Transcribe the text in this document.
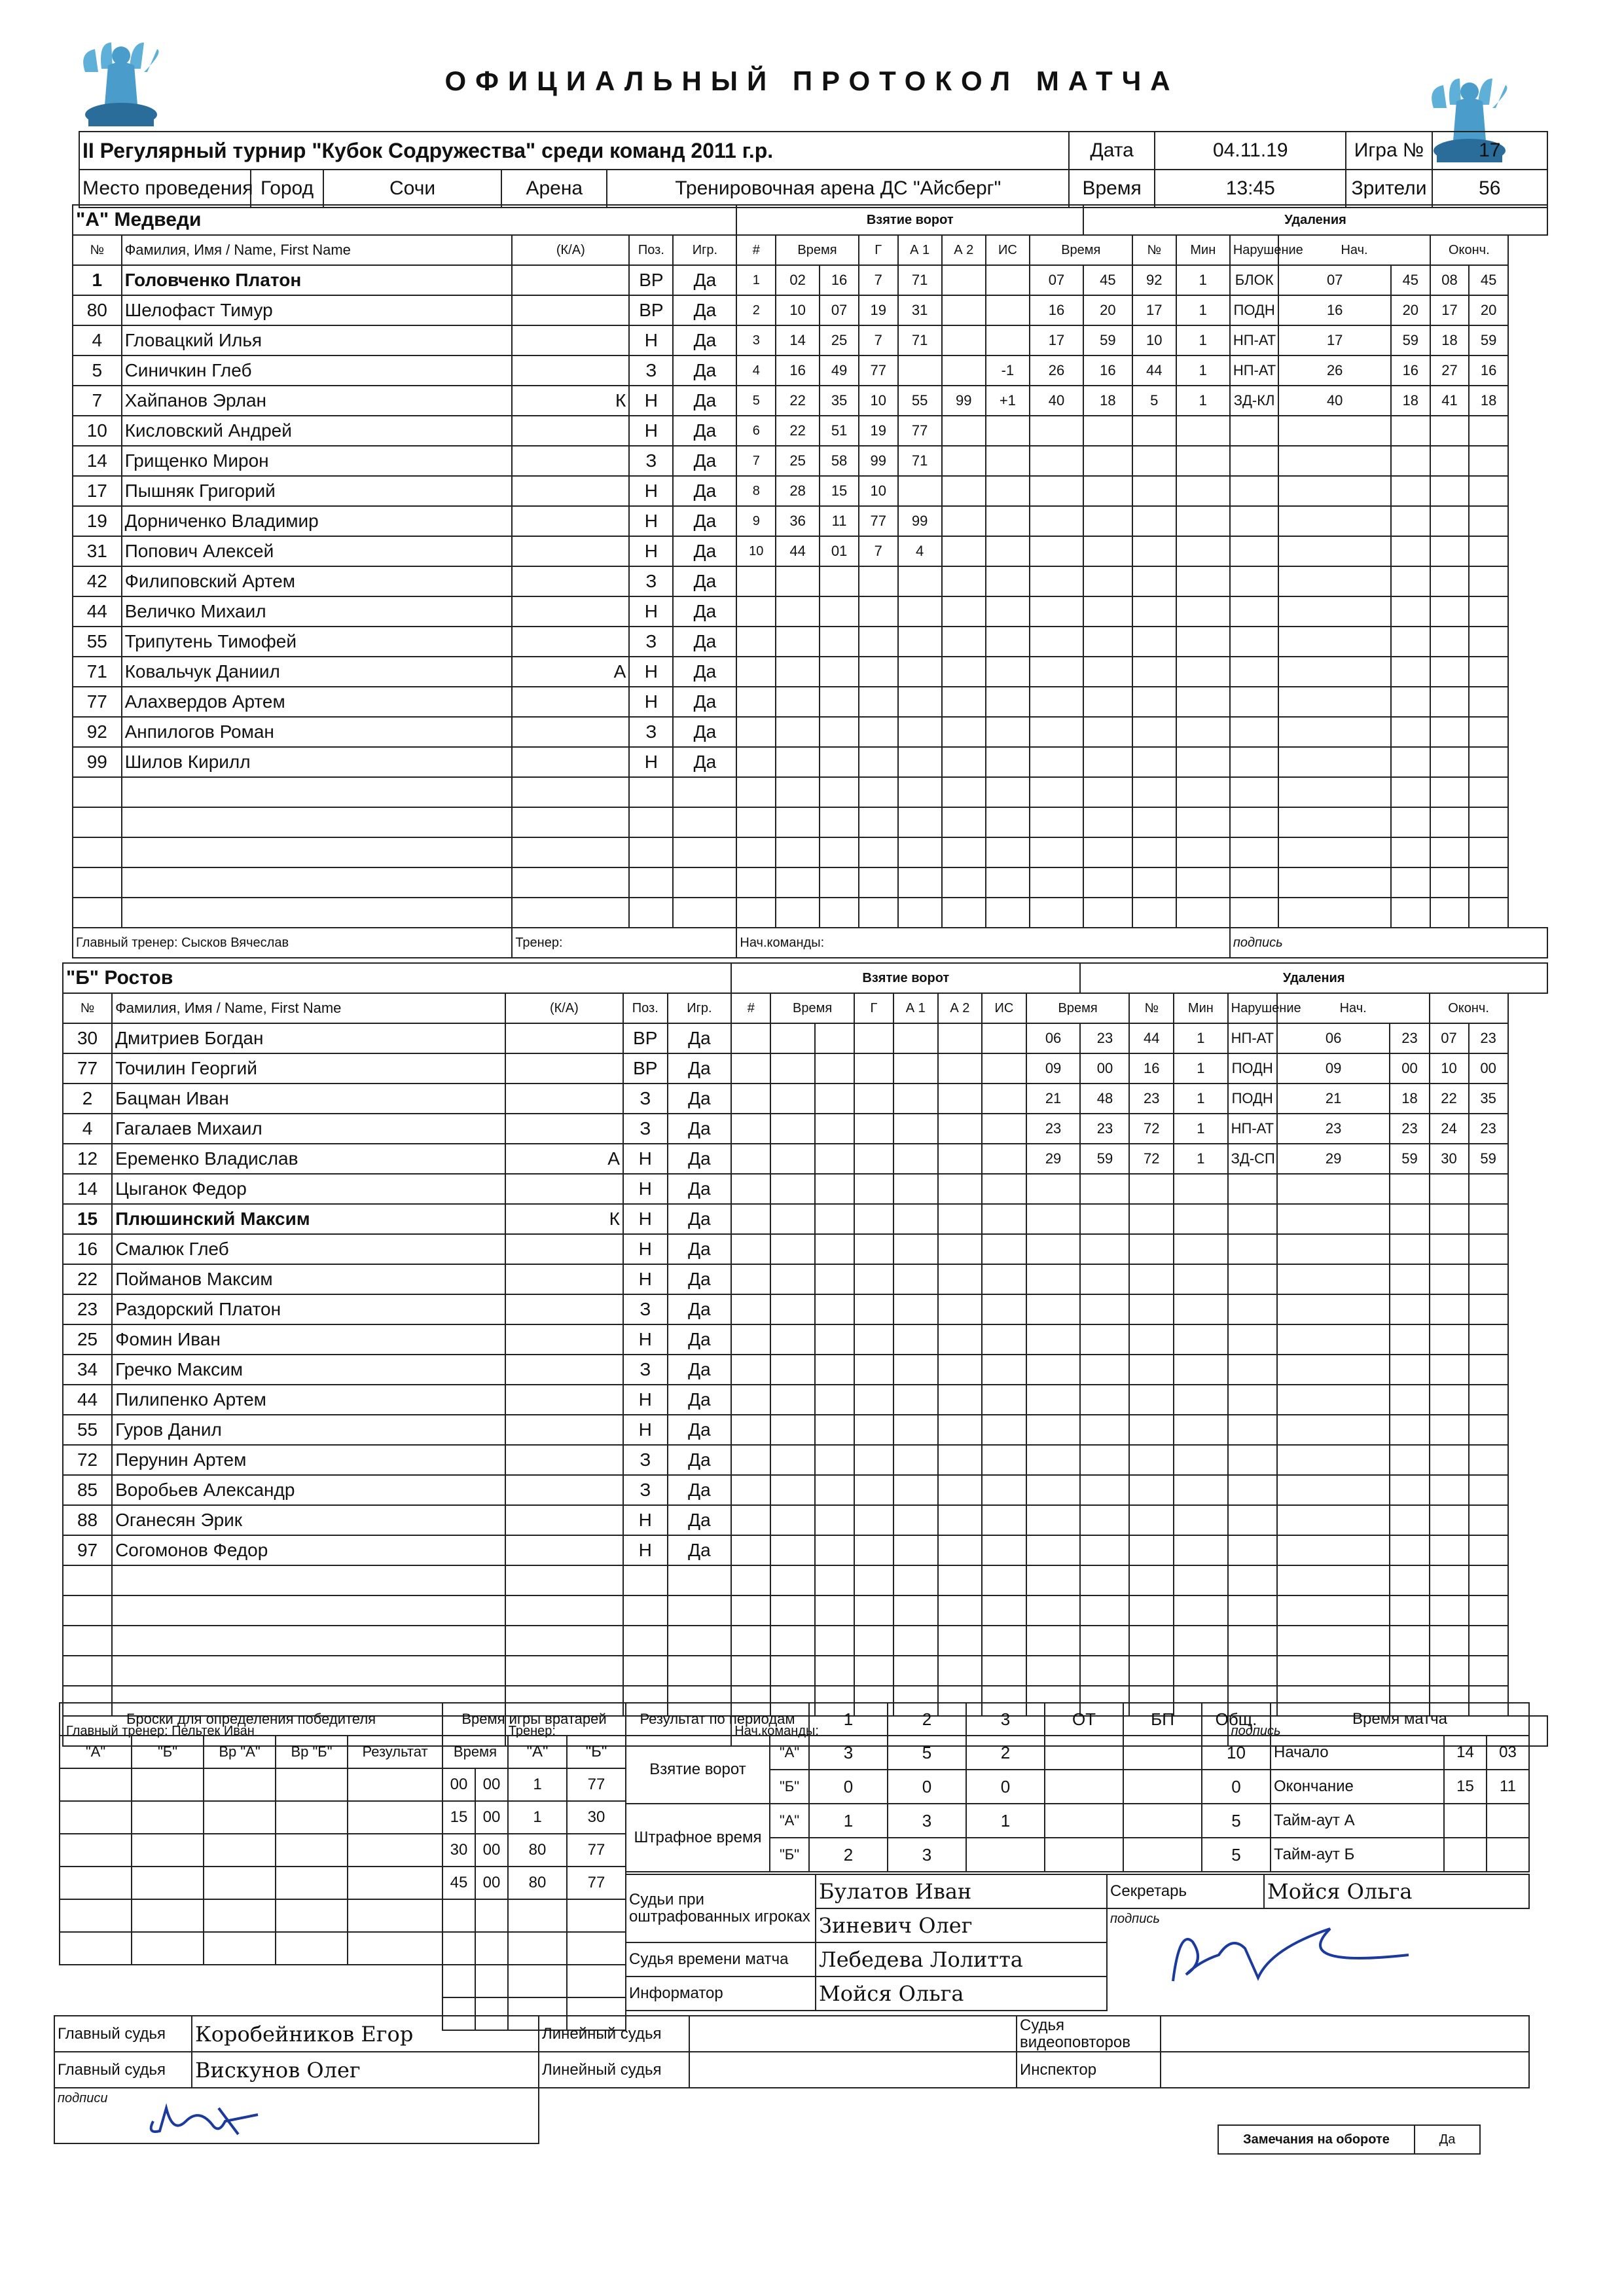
ОФИЦИАЛЬНЫЙ ПРОТОКОЛ МАТЧА
II Регулярный турнир "Кубок Содружества" среди команд 2011 г.р.					Дата	04.11.19	Игра №	17
Место проведения	Город	Сочи	Арена	Тренировочная арена ДС "Айсберг"	Время	13:45	Зрители	56
"А" Медведи					Взятие ворот								Удаления							
№	Фамилия, Имя / Name, First Name	(К/А)	Поз.	Игр.	#	Время		Г	А 1	А 2	ИС	Время		№	Мин	Нарушение	Нач.		Оконч.	
1	Головченко Платон		ВР	Да	1	02	16	7	71			07	45	92	1	БЛОК	07	45	08	45
80	Шелофаст Тимур		ВР	Да	2	10	07	19	31			16	20	17	1	ПОДН	16	20	17	20
4	Гловацкий Илья		Н	Да	3	14	25	7	71			17	59	10	1	НП-АТ	17	59	18	59
5	Синичкин Глеб		З	Да	4	16	49	77			-1	26	16	44	1	НП-АТ	26	16	27	16
7	Хайпанов Эрлан	К	Н	Да	5	22	35	10	55	99	+1	40	18	5	1	ЗД-КЛ	40	18	41	18
10	Кисловский Андрей		Н	Да	6	22	51	19	77											
14	Грищенко Мирон		З	Да	7	25	58	99	71											
17	Пышняк Григорий		Н	Да	8	28	15	10												
19	Дорниченко Владимир		Н	Да	9	36	11	77	99											
31	Попович Алексей		Н	Да	10	44	01	7	4											
42	Филиповский Артем		З	Да																
44	Величко Михаил		Н	Да																
55	Трипутень Тимофей		З	Да																
71	Ковальчук Даниил	А	Н	Да																
77	Алахвердов Артем		Н	Да																
92	Анпилогов Роман		З	Да																
99	Шилов Кирилл		Н	Да																

Главный тренер: Сысков Вячеслав		Тренер:			Нач.команды:											подпись				
"Б" Ростов					Взятие ворот								Удаления							
№	Фамилия, Имя / Name, First Name	(К/А)	Поз.	Игр.	#	Время		Г	А 1	А 2	ИС	Время		№	Мин	Нарушение	Нач.		Оконч.	
30	Дмитриев Богдан		ВР	Да								06	23	44	1	НП-АТ	06	23	07	23
77	Точилин Георгий		ВР	Да								09	00	16	1	ПОДН	09	00	10	00
2	Бацман Иван		З	Да								21	48	23	1	ПОДН	21	18	22	35
4	Гагалаев Михаил		З	Да								23	23	72	1	НП-АТ	23	23	24	23
12	Еременко Владислав	А	Н	Да								29	59	72	1	ЗД-СП	29	59	30	59
14	Цыганок Федор		Н	Да																
15	Плюшинский Максим	К	Н	Да																
16	Смалюк Глеб		Н	Да																
22	Пойманов Максим		Н	Да																
23	Раздорский Платон		З	Да																
25	Фомин Иван		Н	Да																
34	Гречко Максим		З	Да																
44	Пилипенко Артем		Н	Да																
55	Гуров Данил		Н	Да																
72	Перунин Артем		З	Да																
85	Воробьев Александр		З	Да																
88	Оганесян Эрик		Н	Да																
97	Согомонов Федор		Н	Да																

Главный тренер: Пельтек Иван		Тренер:			Нач.команды:											подпись				
Броски для определения победителя				
"А"	"Б"	Вр "А"	Вр "Б"	Результат

Время игры вратарей			
Время		"А"	"Б"
00	00	1	77
15	00	1	30
30	00	80	77
45	00	80	77

Результат по периодам		1	2	3	ОТ	БП	Общ.
Взятие ворот	"А"	3	5	2			10
	"Б"	0	0	0			0
Штрафное время	"А"	1	3	1			5
	"Б"	2	3				5
Время матча		
Начало	14	03
Окончание	15	11
Тайм-аут А		
Тайм-аут Б		
Судьи при оштрафованных игроках	Булатов Иван	Секретарь	Мойся Ольга
	Зиневич Олег	подпись	

Судья времени матча	Лебедева Лолитта		
Информатор	Мойся Ольга		
Главный судья	Коробейников Егор	Линейный судья		Судья видеоповторов	
Главный судья	Вискунов Олег	Линейный судья		Инспектор	
подписи				

Замечания на обороте	Да
